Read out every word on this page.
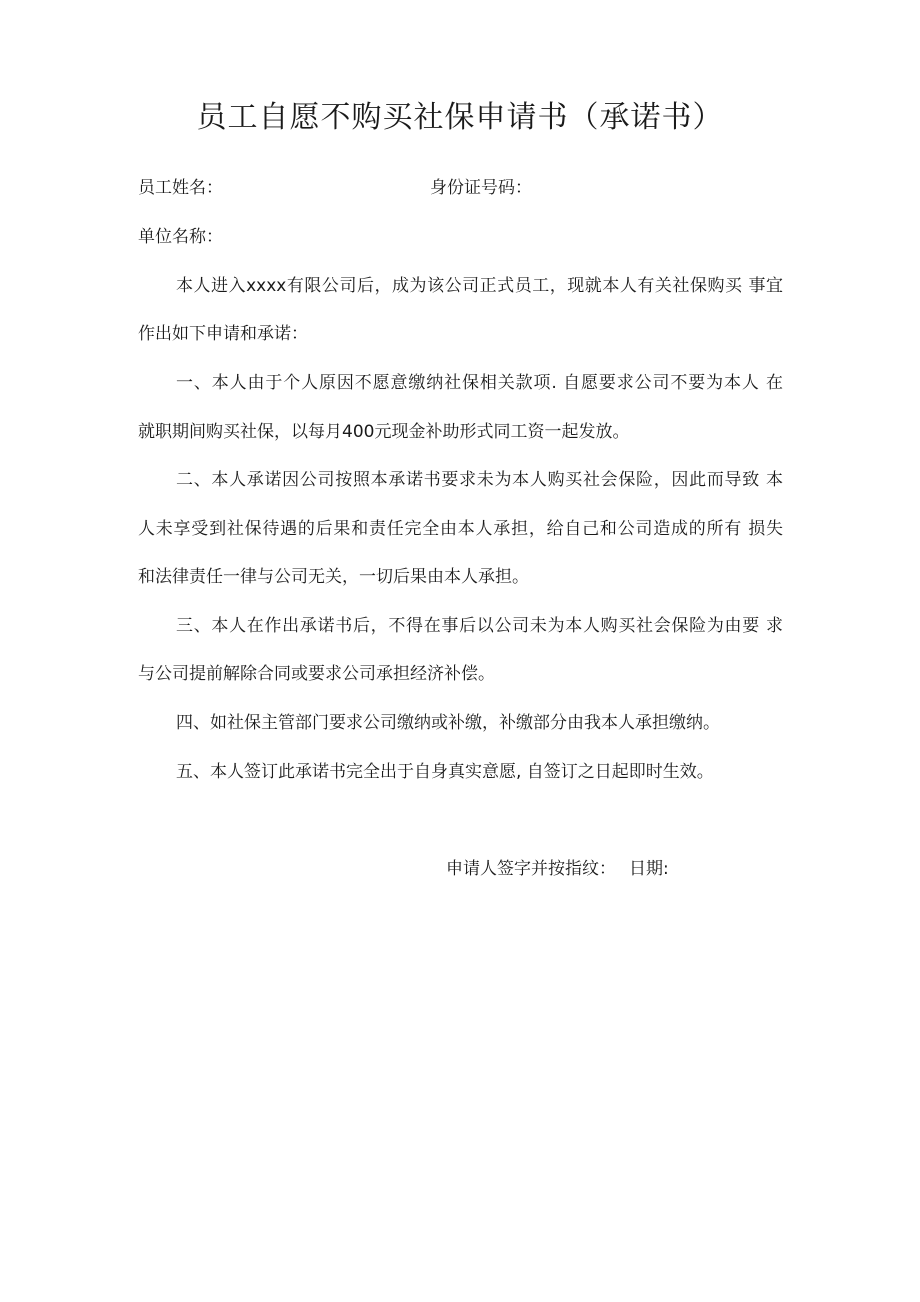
员工自愿不购买社保申请书（承诺书）
员工姓名：	身份证号码：
单位名称：
本人进入xxxx有限公司后，成为该公司正式员工，现就本人有关社保购买 事宜
作出如下申请和承诺：
一、本人由于个人原因不愿意缴纳社保相关款项. 自愿要求公司不要为本人 在
就职期间购买社保，以每月400元现金补助形式同工资一起发放。
二、本人承诺因公司按照本承诺书要求未为本人购买社会保险，因此而导致 本
人未享受到社保待遇的后果和责任完全由本人承担，给自己和公司造成的所有 损失
和法律责任一律与公司无关，一切后果由本人承担。
三、本人在作出承诺书后，不得在事后以公司未为本人购买社会保险为由要 求
与公司提前解除合同或要求公司承担经济补偿。
四、如社保主管部门要求公司缴纳或补缴，补缴部分由我本人承担缴纳。
五、本人签订此承诺书完全出于自身真实意愿, 自签订之日起即时生效。
申请人签字并按指纹： 日期:
